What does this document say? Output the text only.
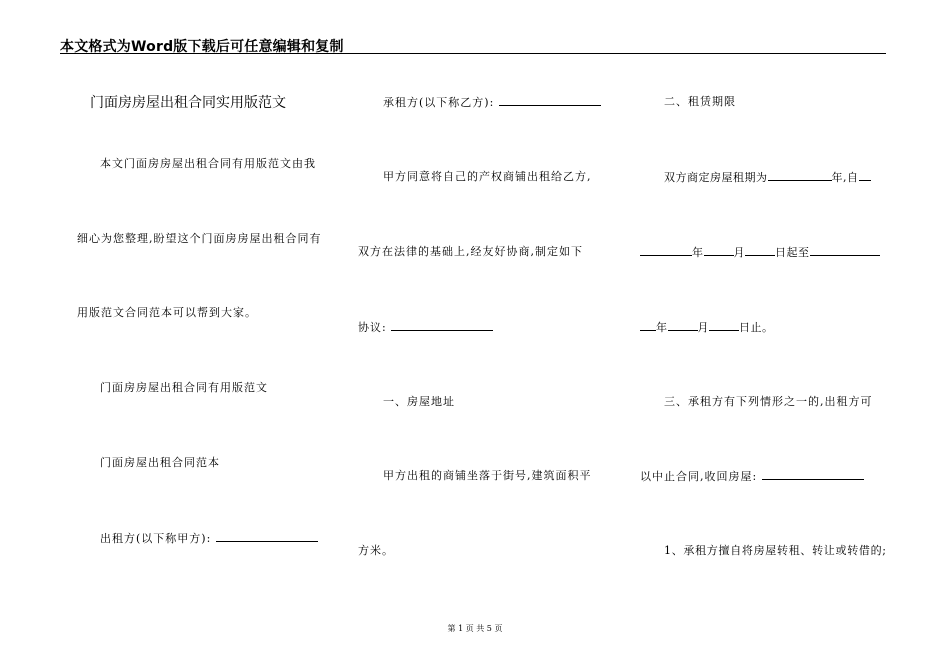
本文格式为Word版下载后可任意编辑和复制
门面房房屋出租合同实用版范文
本文门面房房屋出租合同有用版范文由我
细心为您整理,盼望这个门面房房屋出租合同有
用版范文合同范本可以帮到大家。
门面房房屋出租合同有用版范文
门面房屋出租合同范本
出租方(以下称甲方):
承租方(以下称乙方):
甲方同意将自己的产权商铺出租给乙方,
双方在法律的基础上,经友好协商,制定如下
协议:
一、房屋地址
甲方出租的商铺坐落于街号,建筑面积平
方米。
二、租赁期限
双方商定房屋租期为	年,自
年	月	日起至
年	月	日止。
三、承租方有下列情形之一的,出租方可
以中止合同,收回房屋:
1、承租方擅自将房屋转租、转让或转借的;
第 1 页 共 5 页
